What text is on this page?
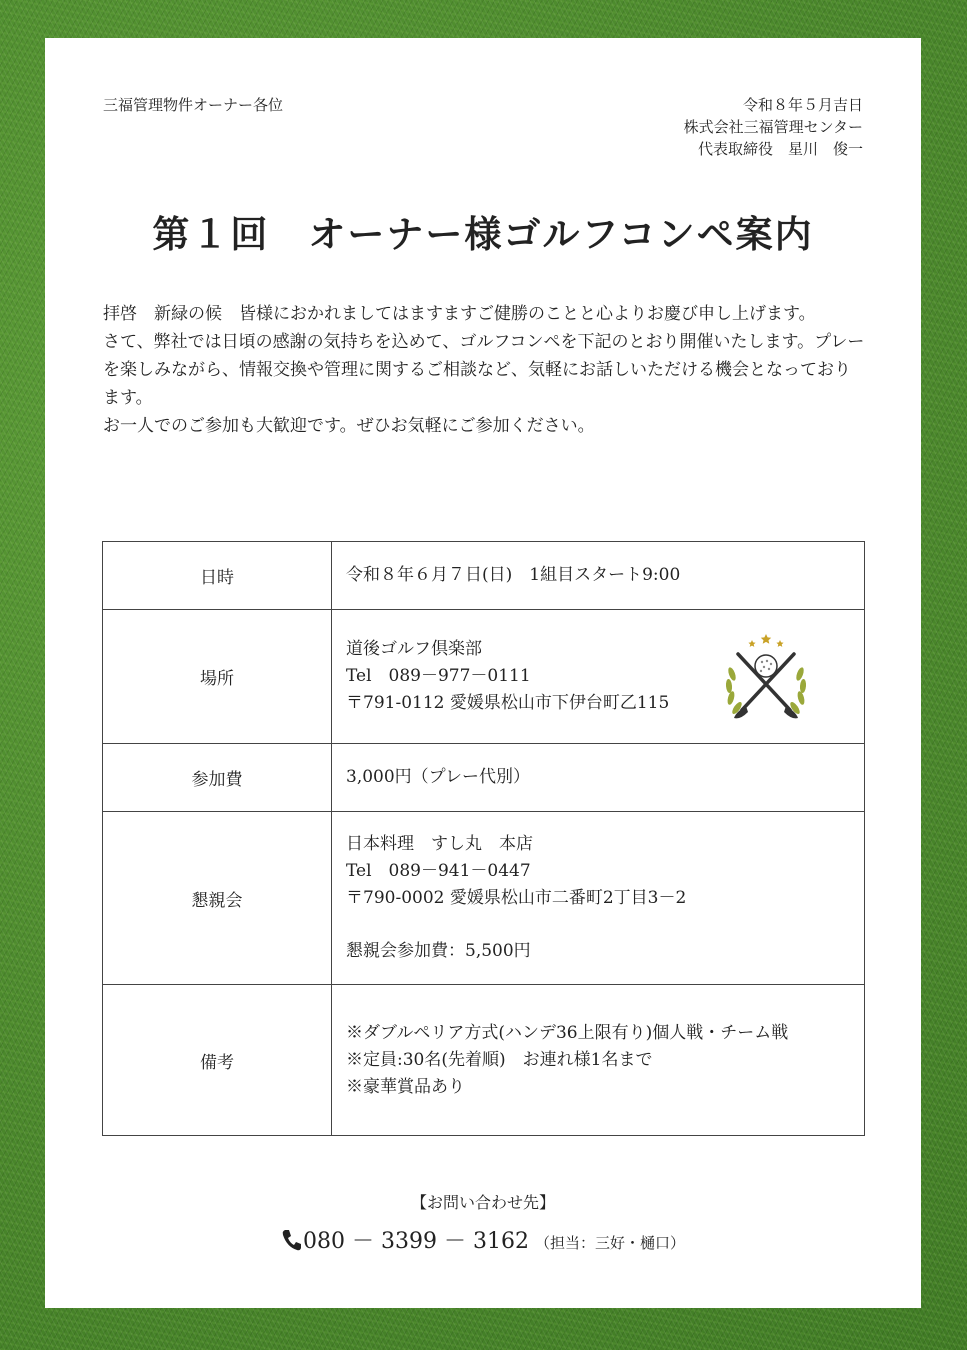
三福管理物件オーナー各位	令和８年５月吉日
株式会社三福管理センター
代表取締役　星川　俊一
第１回　オーナー様ゴルフコンペ案内

拝啓　新緑の候　皆様におかれましてはますますご健勝のことと心よりお慶び申し上げます。

さて、弊社では日頃の感謝の気持ちを込めて、ゴルフコンペを下記のとおり開催いたします。プレーを楽しみながら、情報交換や管理に関するご相談など、気軽にお話しいただける機会となっております。

お一人でのご参加も大歓迎です。ぜひお気軽にご参加ください。

日時	令和８年６月７日(日)　1組目スタート9:00
場所	道後ゴルフ倶楽部
Tel　089－977－0111
〒791-0112 愛媛県松山市下伊台町乙115

参加費	3,000円（プレー代別）
懇親会	日本料理　すし丸　本店
Tel　089－941－0447
〒790-0002 愛媛県松山市二番町2丁目3－2
懇親会参加費：5,500円

備考	※ダブルペリア方式(ハンデ36上限有り)個人戦・チーム戦
※定員:30名(先着順)　お連れ様1名まで
※豪華賞品あり
【お問い合わせ先】
080 － 3399 － 3162 （担当：三好・樋口）
